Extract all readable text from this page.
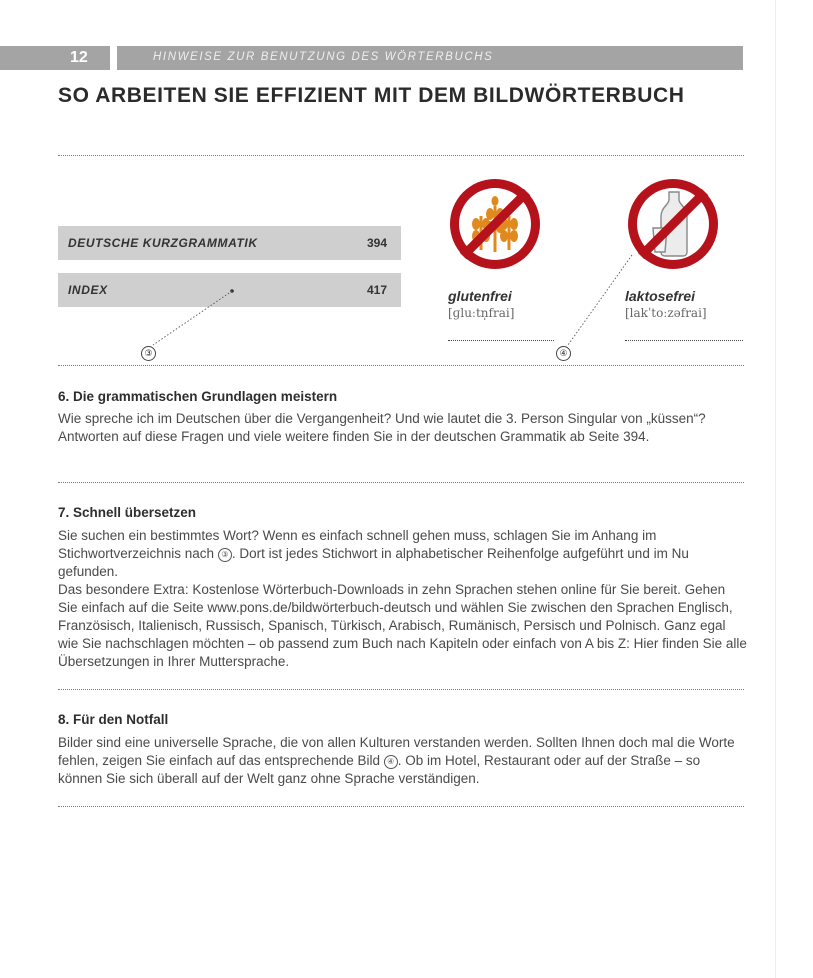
12	HINWEISE ZUR BENUTZUNG DES WÖRTERBUCHS
SO ARBEITEN SIE EFFIZIENT MIT DEM BILDWÖRTERBUCH
DEUTSCHE KURZGRAMMATIK	394
INDEX	417
③	④
glutenfrei
[ɡluːtn̩frai]
laktosefrei
[lakˈtoːzəfrai]
6. Die grammatischen Grundlagen meistern

Wie spreche ich im Deutschen über die Vergangenheit? Und wie lautet die 3. Person Singular von „küssen“? Antworten auf diese Fragen und viele weitere finden Sie in der deutschen Grammatik ab Seite 394.

7. Schnell übersetzen

Sie suchen ein bestimmtes Wort? Wenn es einfach schnell gehen muss, schlagen Sie im Anhang im Stichwortverzeichnis nach ③ . Dort ist jedes Stichwort in alphabetischer Reihenfolge aufgeführt und im Nu gefunden.

Das besondere Extra: Kostenlose Wörterbuch-Downloads in zehn Sprachen stehen online für Sie bereit. Gehen Sie einfach auf die Seite www.pons.de/bildwörterbuch-deutsch und wählen Sie zwischen den Sprachen Englisch, Französisch, Italienisch, Russisch, Spanisch, Türkisch, Arabisch, Rumänisch, Persisch und Polnisch. Ganz egal wie Sie nachschlagen möchten – ob passend zum Buch nach Kapiteln oder einfach von A bis Z: Hier finden Sie alle Übersetzungen in Ihrer Muttersprache.

8. Für den Notfall

Bilder sind eine universelle Sprache, die von allen Kulturen verstanden werden. Sollten Ihnen doch mal die Worte fehlen, zeigen Sie einfach auf das entsprechende Bild ④ . Ob im Hotel, Restaurant oder auf der Straße – so können Sie sich überall auf der Welt ganz ohne Sprache verständigen.
